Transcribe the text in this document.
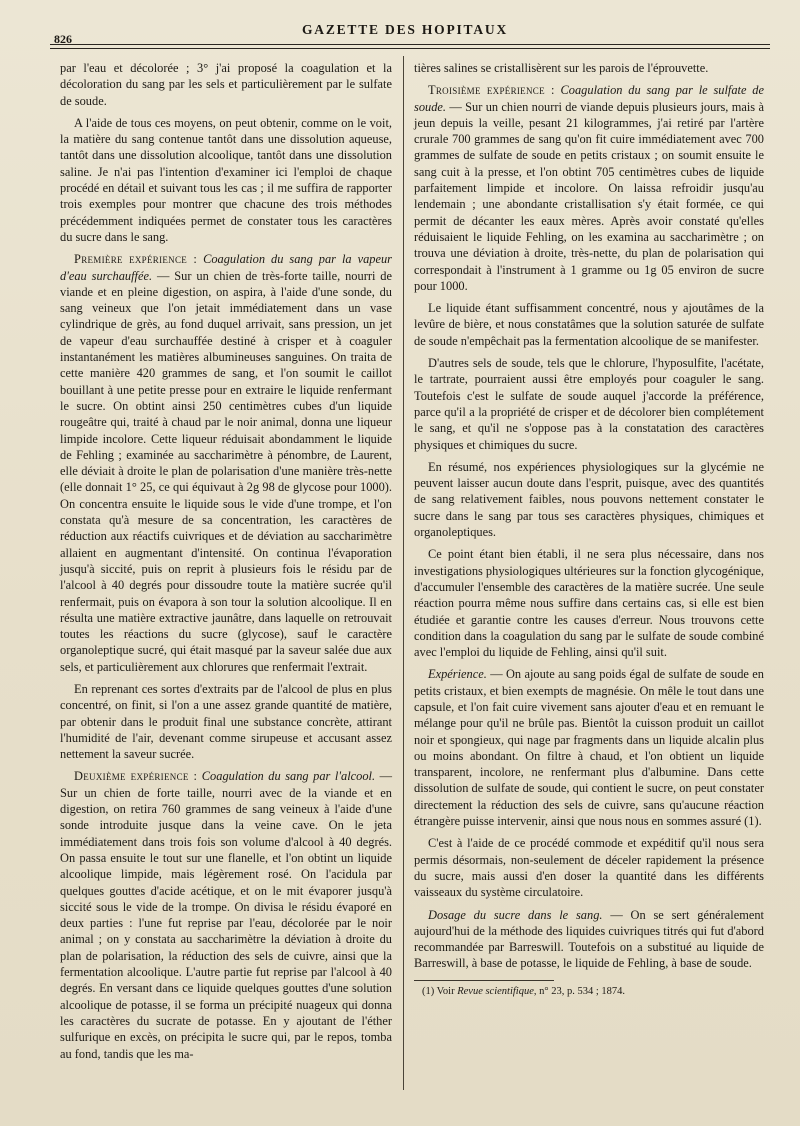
826
GAZETTE DES HOPITAUX

par l'eau et décolorée ; 3° j'ai proposé la coagulation et la décoloration du sang par les sels et particulièrement par le sulfate de soude.

A l'aide de tous ces moyens, on peut obtenir, comme on le voit, la matière du sang contenue tantôt dans une dissolution aqueuse, tantôt dans une dissolution alcoolique, tantôt dans une dissolution saline. Je n'ai pas l'intention d'examiner ici l'emploi de chaque procédé en détail et suivant tous les cas ; il me suffira de rapporter trois exemples pour montrer que chacune des trois méthodes précédemment indiquées permet de constater tous les caractères du sucre dans le sang.

Première expérience : Coagulation du sang par la vapeur d'eau surchauffée. — Sur un chien de très-forte taille, nourri de viande et en pleine digestion, on aspira, à l'aide d'une sonde, du sang veineux que l'on jetait immédiatement dans un vase cylindrique de grès, au fond duquel arrivait, sans pression, un jet de vapeur d'eau surchauffée destiné à crisper et à coaguler instantanément les matières albumineuses sanguines. On traita de cette manière 420 grammes de sang, et l'on soumit le caillot bouillant à une petite presse pour en extraire le liquide renfermant le sucre. On obtint ainsi 250 centimètres cubes d'un liquide rougeâtre qui, traité à chaud par le noir animal, donna une liqueur limpide incolore. Cette liqueur réduisait abondamment le liquide de Fehling ; examinée au saccharimètre à pénombre, de Laurent, elle déviait à droite le plan de polarisation d'une manière très-nette (elle donnait 1° 25, ce qui équivaut à 2g 98 de glycose pour 1000). On concentra ensuite le liquide sous le vide d'une trompe, et l'on constata qu'à mesure de sa concentration, les caractères de réduction aux réactifs cuivriques et de déviation au saccharimètre allaient en augmentant d'intensité. On continua l'évaporation jusqu'à siccité, puis on reprit à plusieurs fois le résidu par de l'alcool à 40 degrés pour dissoudre toute la matière sucrée qu'il renfermait, puis on évapora à son tour la solution alcoolique. Il en résulta une matière extractive jaunâtre, dans laquelle on retrouvait toutes les réactions du sucre (glycose), sauf le caractère organoleptique sucré, qui était masqué par la saveur salée due aux sels, et particulièrement aux chlorures que renfermait l'extrait.

En reprenant ces sortes d'extraits par de l'alcool de plus en plus concentré, on finit, si l'on a une assez grande quantité de matière, par obtenir dans le produit final une substance concrète, attirant l'humidité de l'air, devenant comme sirupeuse et accusant assez nettement la saveur sucrée.

Deuxième expérience : Coagulation du sang par l'alcool. — Sur un chien de forte taille, nourri avec de la viande et en digestion, on retira 760 grammes de sang veineux à l'aide d'une sonde introduite jusque dans la veine cave. On le jeta immédiatement dans trois fois son volume d'alcool à 40 degrés. On passa ensuite le tout sur une flanelle, et l'on obtint un liquide alcoolique limpide, mais légèrement rosé. On l'acidula par quelques gouttes d'acide acétique, et on le mit évaporer jusqu'à siccité sous le vide de la trompe. On divisa le résidu évaporé en deux parties : l'une fut reprise par l'eau, décolorée par le noir animal ; on y constata au saccharimètre la déviation à droite du plan de polarisation, la réduction des sels de cuivre, ainsi que la fermentation alcoolique. L'autre partie fut reprise par l'alcool à 40 degrés. En versant dans ce liquide quelques gouttes d'une solution alcoolique de potasse, il se forma un précipité nuageux qui donna les caractères du sucrate de potasse. En y ajoutant de l'éther sulfurique en excès, on précipita le sucre qui, par le repos, tomba au fond, tandis que les ma-

tières salines se cristallisèrent sur les parois de l'éprouvette.

Troisième expérience : Coagulation du sang par le sulfate de soude. — Sur un chien nourri de viande depuis plusieurs jours, mais à jeun depuis la veille, pesant 21 kilogrammes, j'ai retiré par l'artère crurale 700 grammes de sang qu'on fit cuire immédiatement avec 700 grammes de sulfate de soude en petits cristaux ; on soumit ensuite le sang cuit à la presse, et l'on obtint 705 centimètres cubes de liquide parfaitement limpide et incolore. On laissa refroidir jusqu'au lendemain ; une abondante cristallisation s'y était formée, ce qui permit de décanter les eaux mères. Après avoir constaté qu'elles réduisaient le liquide Fehling, on les examina au saccharimètre ; on trouva une déviation à droite, très-nette, du plan de polarisation qui correspondait à l'instrument à 1 gramme ou 1g 05 environ de sucre pour 1000.

Le liquide étant suffisamment concentré, nous y ajoutâmes de la levûre de bière, et nous constatâmes que la solution saturée de sulfate de soude n'empêchait pas la fermentation alcoolique de se manifester.

D'autres sels de soude, tels que le chlorure, l'hyposulfite, l'acétate, le tartrate, pourraient aussi être employés pour coaguler le sang. Toutefois c'est le sulfate de soude auquel j'accorde la préférence, parce qu'il a la propriété de crisper et de décolorer bien complétement le sang, et qu'il ne s'oppose pas à la constatation des caractères physiques et chimiques du sucre.

En résumé, nos expériences physiologiques sur la glycémie ne peuvent laisser aucun doute dans l'esprit, puisque, avec des quantités de sang relativement faibles, nous pouvons nettement constater le sucre dans le sang par tous ses caractères physiques, chimiques et organoleptiques.

Ce point étant bien établi, il ne sera plus nécessaire, dans nos investigations physiologiques ultérieures sur la fonction glycogénique, d'accumuler l'ensemble des caractères de la matière sucrée. Une seule réaction pourra même nous suffire dans certains cas, si elle est bien étudiée et garantie contre les causes d'erreur. Nous trouvons cette condition dans la coagulation du sang par le sulfate de soude combiné avec l'emploi du liquide de Fehling, ainsi qu'il suit.

Expérience. — On ajoute au sang poids égal de sulfate de soude en petits cristaux, et bien exempts de magnésie. On mêle le tout dans une capsule, et l'on fait cuire vivement sans ajouter d'eau et en remuant le mélange pour qu'il ne brûle pas. Bientôt la cuisson produit un caillot noir et spongieux, qui nage par fragments dans un liquide alcalin plus ou moins abondant. On filtre à chaud, et l'on obtient un liquide transparent, incolore, ne renfermant plus d'albumine. Dans cette dissolution de sulfate de soude, qui contient le sucre, on peut constater directement la réduction des sels de cuivre, sans qu'aucune réaction étrangère puisse intervenir, ainsi que nous nous en sommes assuré (1).

C'est à l'aide de ce procédé commode et expéditif qu'il nous sera permis désormais, non-seulement de déceler rapidement la présence du sucre, mais aussi d'en doser la quantité dans les différents vaisseaux du système circulatoire.

Dosage du sucre dans le sang. — On se sert généralement aujourd'hui de la méthode des liquides cuivriques titrés qui fut d'abord recommandée par Barreswill. Toutefois on a substitué au liquide de Barreswill, à base de potasse, le liquide de Fehling, à base de soude.

(1) Voir Revue scientifique, n° 23, p. 534 ; 1874.
